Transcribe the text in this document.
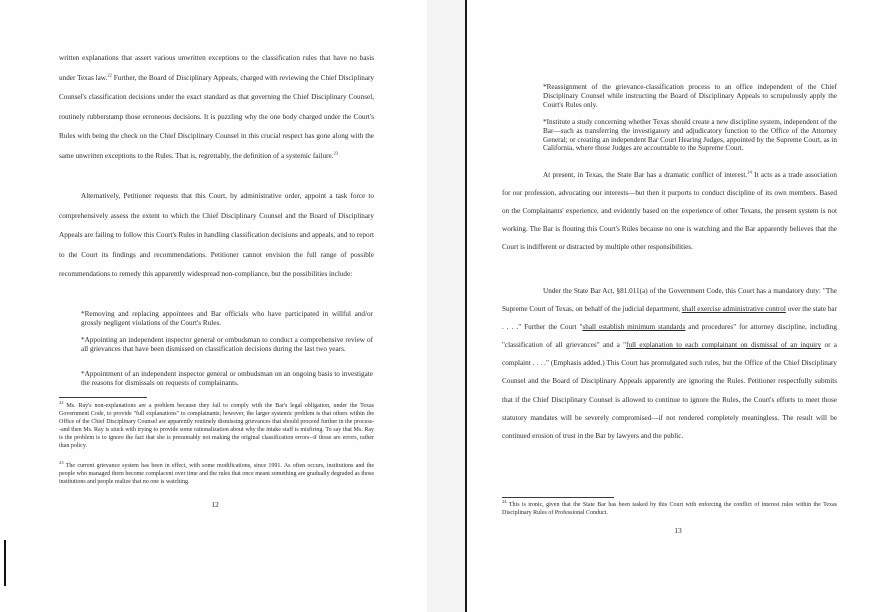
written explanations that assert various unwritten exceptions to the classification rules that have no basis under Texas law.$^{22}$ Further, the Board of Disciplinary Appeals, charged with reviewing the Chief Disciplinary Counsel's classification decisions under the exact standard as that governing the Chief Disciplinary Counsel, routinely rubberstamp those erroneous decisions. It is puzzling why the one body charged under the Court's Rules with being the check on the Chief Disciplinary Counsel in this crucial respect has gone along with the same unwritten exceptions to the Rules. That is, regrettably, the definition of a systemic failure.$^{23}$

Alternatively, Petitioner requests that this Court, by administrative order, appoint a task force to comprehensively assess the extent to which the Chief Disciplinary Counsel and the Board of Disciplinary Appeals are failing to follow this Court's Rules in handling classification decisions and appeals, and to report to the Court its findings and recommendations. Petitioner cannot envision the full range of possible recommendations to remedy this apparently widespread non-compliance, but the possibilities include:

*Removing and replacing appointees and Bar officials who have participated in willful and/or grossly negligent violations of the Court's Rules.

*Appointing an independent inspector general or ombudsman to conduct a comprehensive review of all grievances that have been dismissed on classification decisions during the last two years.

*Appointment of an independent inspector general or ombudsman on an ongoing basis to investigate the reasons for dismissals on requests of complainants.

$^{22}$ Ms. Ray's non-explanations are a problem because they fail to comply with the Bar's legal obligation, under the Texas Government Code, to provide "full explanations" to complainants; however, the larger systemic problem is that others within the Office of the Chief Disciplinary Counsel are apparently routinely dismissing grievances that should proceed further in the process--and then Ms. Ray is stuck with trying to provide some rationalization about why the intake staff is misfiring. To say that Ms. Ray is the problem is to ignore the fact that she is presumably not making the original classification errors--if those are errors, rather than policy.

$^{23}$ The current grievance system has been in effect, with some modifications, since 1991. As often occurs, institutions and the people who managed them become complacent over time and the rules that once meant something are gradually degraded as those institutions and people realize that no one is watching.

12

*Reassignment of the grievance-classification process to an office independent of the Chief Disciplinary Counsel while instructing the Board of Disciplinary Appeals to scrupulously apply the Court's Rules only.

*Institute a study concerning whether Texas should create a new discipline system, independent of the Bar—such as transferring the investigatory and adjudicatory function to the Office of the Attorney General; or creating an independent Bar Court Hearing Judges, appointed by the Supreme Court, as in California, where those Judges are accountable to the Supreme Court.

At present, in Texas, the State Bar has a dramatic conflict of interest.$^{24}$ It acts as a trade association for our profession, advocating our interests—but then it purports to conduct discipline of its own members. Based on the Complainants' experience, and evidently based on the experience of other Texans, the present system is not working. The Bar is flouting this Court's Rules because no one is watching and the Bar apparently believes that the Court is indifferent or distracted by multiple other responsibilities.

Under the State Bar Act, §81.011(a) of the Government Code, this Court has a mandatory duty: "The Supreme Court of Texas, on behalf of the judicial department, shall exercise administrative control over the state bar . . . ." Further the Court "shall establish minimum standards and procedures" for attorney discipline, including "classification of all grievances" and a "full explanation to each complainant on dismissal of an inquiry or a complaint . . . ." (Emphasis added.) This Court has promulgated such rules, but the Office of the Chief Disciplinary Counsel and the Board of Disciplinary Appeals apparently are ignoring the Rules. Petitioner respectfully submits that if the Chief Disciplinary Counsel is allowed to continue to ignore the Rules, the Court's efforts to meet those statutory mandates will be severely compromised—if not rendered completely meaningless. The result will be continued erosion of trust in the Bar by lawyers and the public.

$^{24}$ This is ironic, given that the State Bar has been tasked by this Court with enforcing the conflict of interest rules within the Texas Disciplinary Rules of Professional Conduct.

13
